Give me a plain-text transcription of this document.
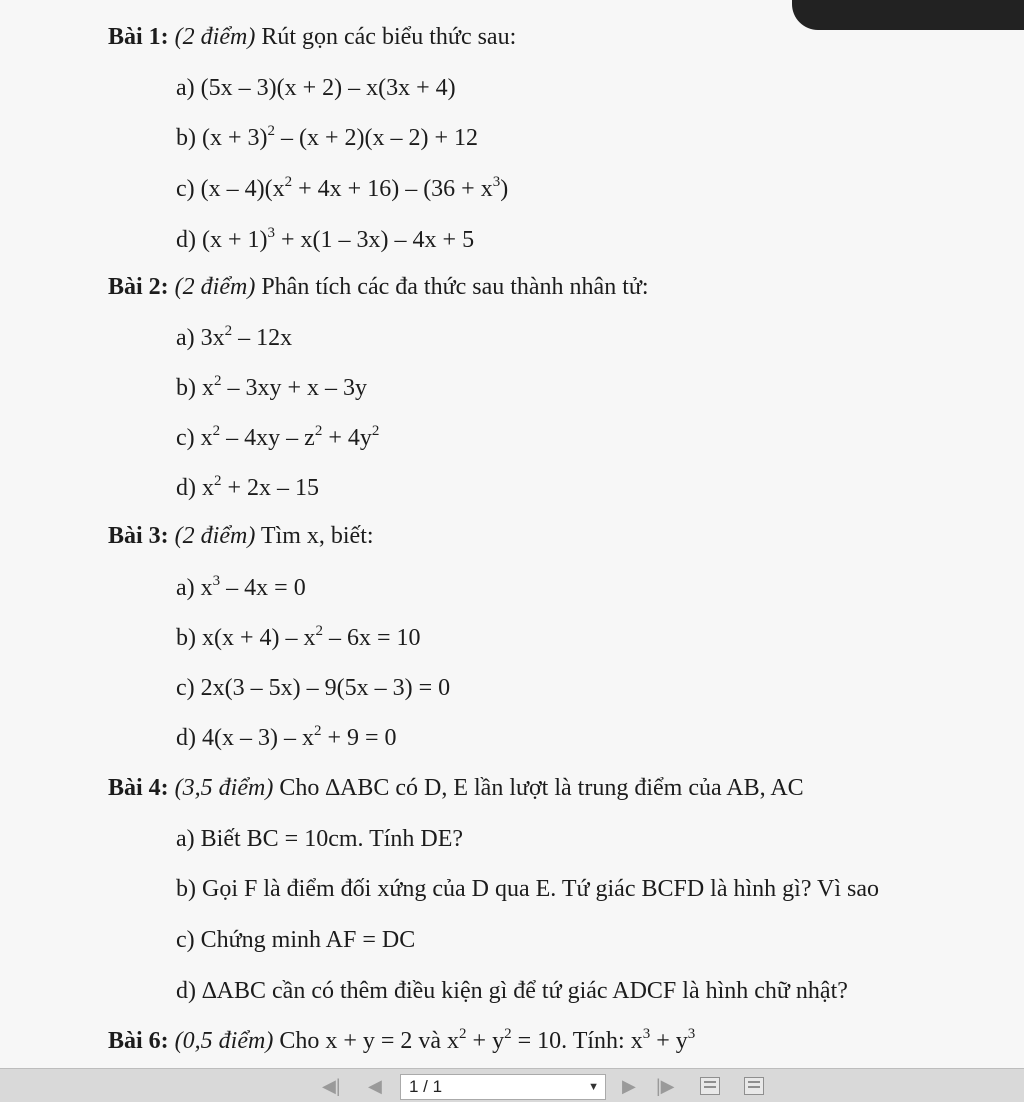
Bài 1: (2 điểm) Rút gọn các biểu thức sau:
a) (5x – 3)(x + 2) – x(3x + 4)
b) $(x + 3)^2 - (x + 2)(x - 2) + 12$
c) $(x - 4)(x^2 + 4x + 16) - (36 + x^3)$
d) $(x + 1)^3 + x(1 - 3x) - 4x + 5$
Bài 2: (2 điểm) Phân tích các đa thức sau thành nhân tử:
a) $3x^2 - 12x$
b) $x^2 - 3xy + x - 3y$
c) $x^2 - 4xy - z^2 + 4y^2$
d) $x^2 + 2x - 15$
Bài 3: (2 điểm) Tìm x, biết:
a) $x^3 - 4x = 0$
b) $x(x + 4) - x^2 - 6x = 10$
c) 2x(3 – 5x) – 9(5x – 3) = 0
d) $4(x - 3) - x^2 + 9 = 0$
Bài 4: (3,5 điểm) Cho ∆ABC có D, E lần lượt là trung điểm của AB, AC
a) Biết BC = 10cm. Tính DE?
b) Gọi F là điểm đối xứng của D qua E. Tứ giác BCFD là hình gì? Vì sao
c) Chứng minh AF = DC
d) ∆ABC cần có thêm điều kiện gì để tứ giác ADCF là hình chữ nhật?
Bài 6: (0,5 điểm) Cho x + y = 2 và $x^2 + y^2 = 10$. Tính: $x^3 + y^3$
◀| ◀	1 / 1	▼ ▶ |▶
